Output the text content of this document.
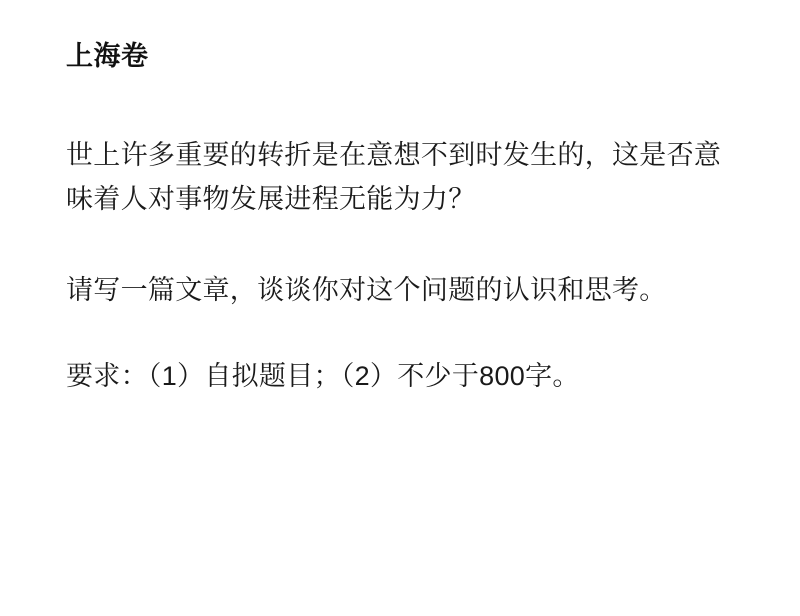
上海卷

世上许多重要的转折是在意想不到时发生的，这是否意味着人对事物发展进程无能为力？

请写一篇文章，谈谈你对这个问题的认识和思考。

要求：（1）自拟题目；（2）不少于800字。
